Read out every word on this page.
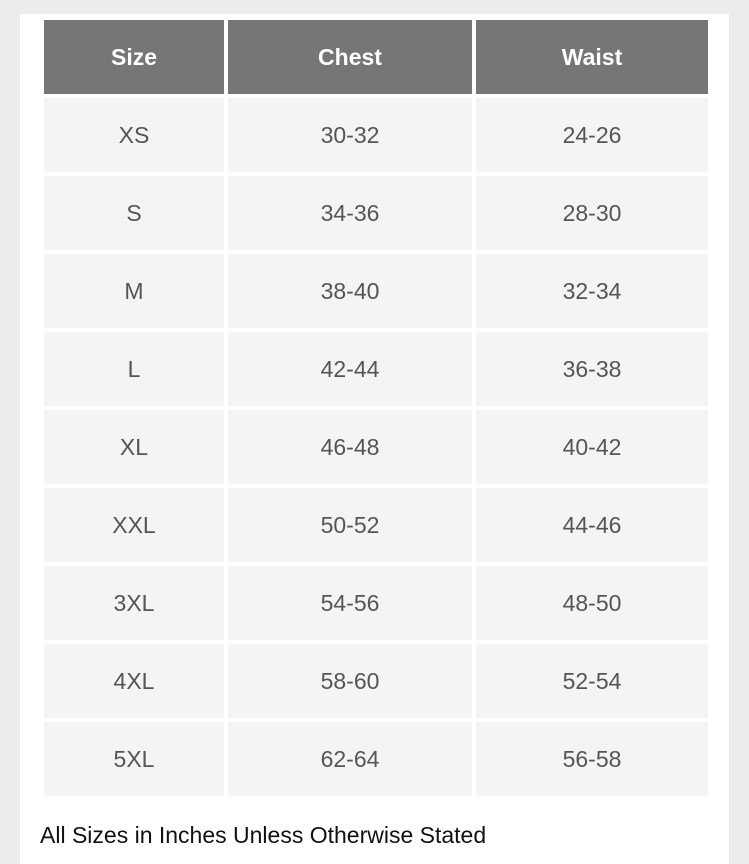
Size	Chest	Waist
XS	30-32	24-26
S	34-36	28-30
M	38-40	32-34
L	42-44	36-38
XL	46-48	40-42
XXL	50-52	44-46
3XL	54-56	48-50
4XL	58-60	52-54
5XL	62-64	56-58
All Sizes in Inches Unless Otherwise Stated
